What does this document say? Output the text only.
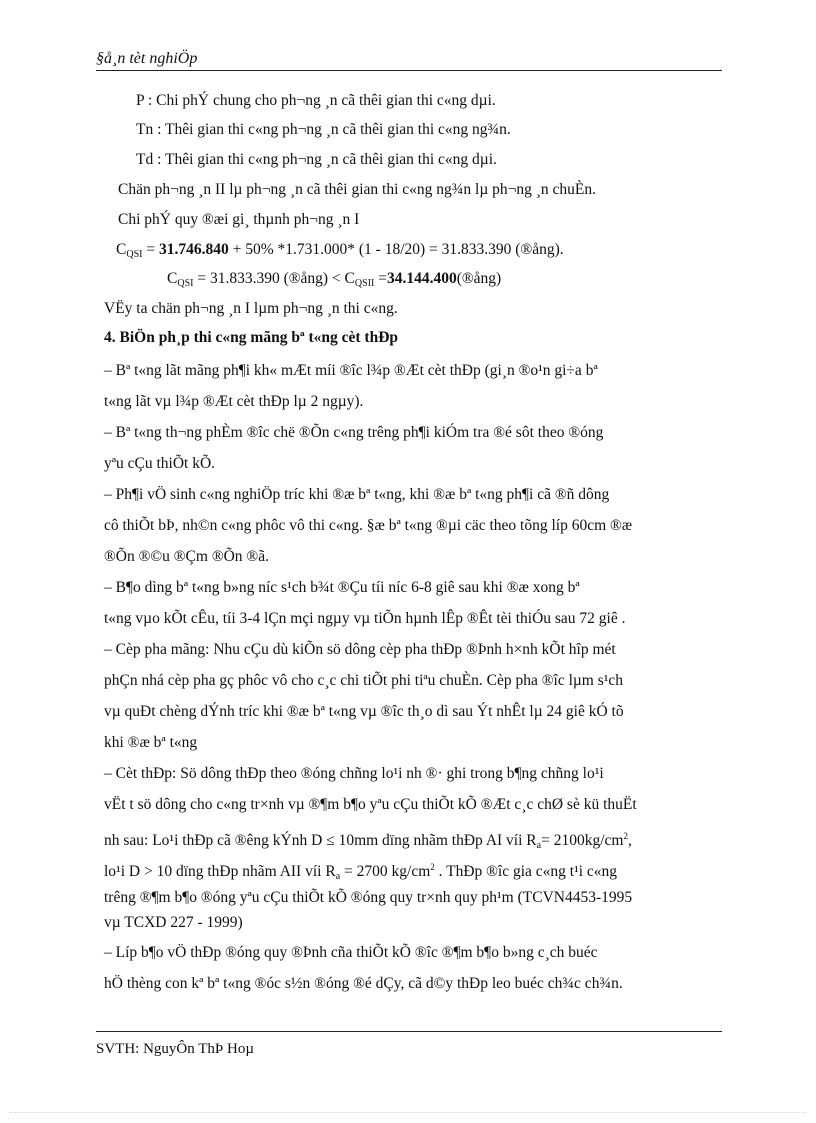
§å¸n tèt nghiÖp
P : Chi phÝ chung cho ph¬ng ¸n cã thêi gian thi c«ng dµi.
Tn : Thêi gian thi c«ng ph¬ng ¸n cã thêi gian thi c«ng ng¾n.
Td : Thêi gian thi c«ng ph¬ng ¸n cã thêi gian thi c«ng dµi.
Chän ph¬ng ¸n II lµ ph¬ng ¸n cã thêi gian thi c«ng ng¾n lµ ph¬ng ¸n chuÈn.
Chi phÝ quy ®æi gi¸ thµnh ph¬ng ¸n I
$C_{QSI} = 31.746.840 + 50\%$ *1.731.000* (1 - 18/20) = 31.833.390 (®ång).
$C_{QSI} = 31.833.390$ (®ång) < $C_{QSII}$ =34.144.400(®ång)
VËy ta chän ph¬ng ¸n I lµm ph¬ng ¸n thi c«ng.
4. BiÖn ph¸p thi c«ng mãng bª t«ng cèt thÐp
– Bª t«ng lãt mãng ph¶i kh« mÆt míi ®îc l¾p ®Æt cèt thÐp (gi¸n ®o¹n gi÷a bª
t«ng lãt vµ l¾p ®Æt cèt thÐp lµ 2 ngµy).
– Bª t«ng th¬ng phÈm ®îc chë ®Õn c«ng trêng ph¶i kiÓm tra ®é sôt theo ®óng
yªu cÇu thiÕt kÕ.
– Ph¶i vÖ sinh c«ng nghiÖp tríc khi ®æ bª t«ng, khi ®æ bª t«ng ph¶i cã ®ñ dông
cô thiÕt bÞ, nh©n c«ng phôc vô thi c«ng. §æ bª t«ng ®µi cäc theo tõng líp 60cm ®æ
®Õn ®©u ®Çm ®Õn ®ã.
– B¶o dìng bª t«ng b»ng níc s¹ch b¾t ®Çu tíi níc 6-8 giê sau khi ®æ xong bª
t«ng vµo kÕt cÊu, tíi 3-4 lÇn mçi ngµy vµ tiÕn hµnh lÊp ®Êt tèi thiÓu sau 72 giê .
– Cèp pha mãng: Nhu cÇu dù kiÕn sö dông cèp pha thÐp ®Þnh h×nh kÕt hîp mét
phÇn nhá cèp pha gç phôc vô cho c¸c chi tiÕt phi tiªu chuÈn. Cèp pha ®îc lµm s¹ch
vµ quÐt chèng dÝnh tríc khi ®æ bª t«ng vµ ®îc th¸o dì sau Ýt nhÊt lµ 24 giê kÓ tõ
khi ®æ bª t«ng
– Cèt thÐp: Sö dông thÐp theo ®óng chñng lo¹i nh ®· ghi trong b¶ng chñng lo¹i
vËt t sö dông cho c«ng tr×nh vµ ®¶m b¶o yªu cÇu thiÕt kÕ ®Æt c¸c chØ sè kü thuËt
nh sau: Lo¹i thÐp cã ®êng kÝnh D ≤ 10mm dïng nhãm thÐp AI víi $R_a= 2100kg/cm^2$,
lo¹i D > 10 dïng thÐp nhãm AII víi $R_a = 2700$ $kg/cm^2$ . ThÐp ®îc gia c«ng t¹i c«ng
trêng ®¶m b¶o ®óng yªu cÇu thiÕt kÕ ®óng quy tr×nh quy ph¹m (TCVN4453-1995
vµ TCXD 227 - 1999)
– Líp b¶o vÖ thÐp ®óng quy ®Þnh cña thiÕt kÕ ®îc ®¶m b¶o b»ng c¸ch buéc
hÖ thèng con kª bª t«ng ®óc s½n ®óng ®é dÇy, cã d©y thÐp leo buéc ch¾c ch¾n.
SVTH: NguyÔn ThÞ Hoµ
